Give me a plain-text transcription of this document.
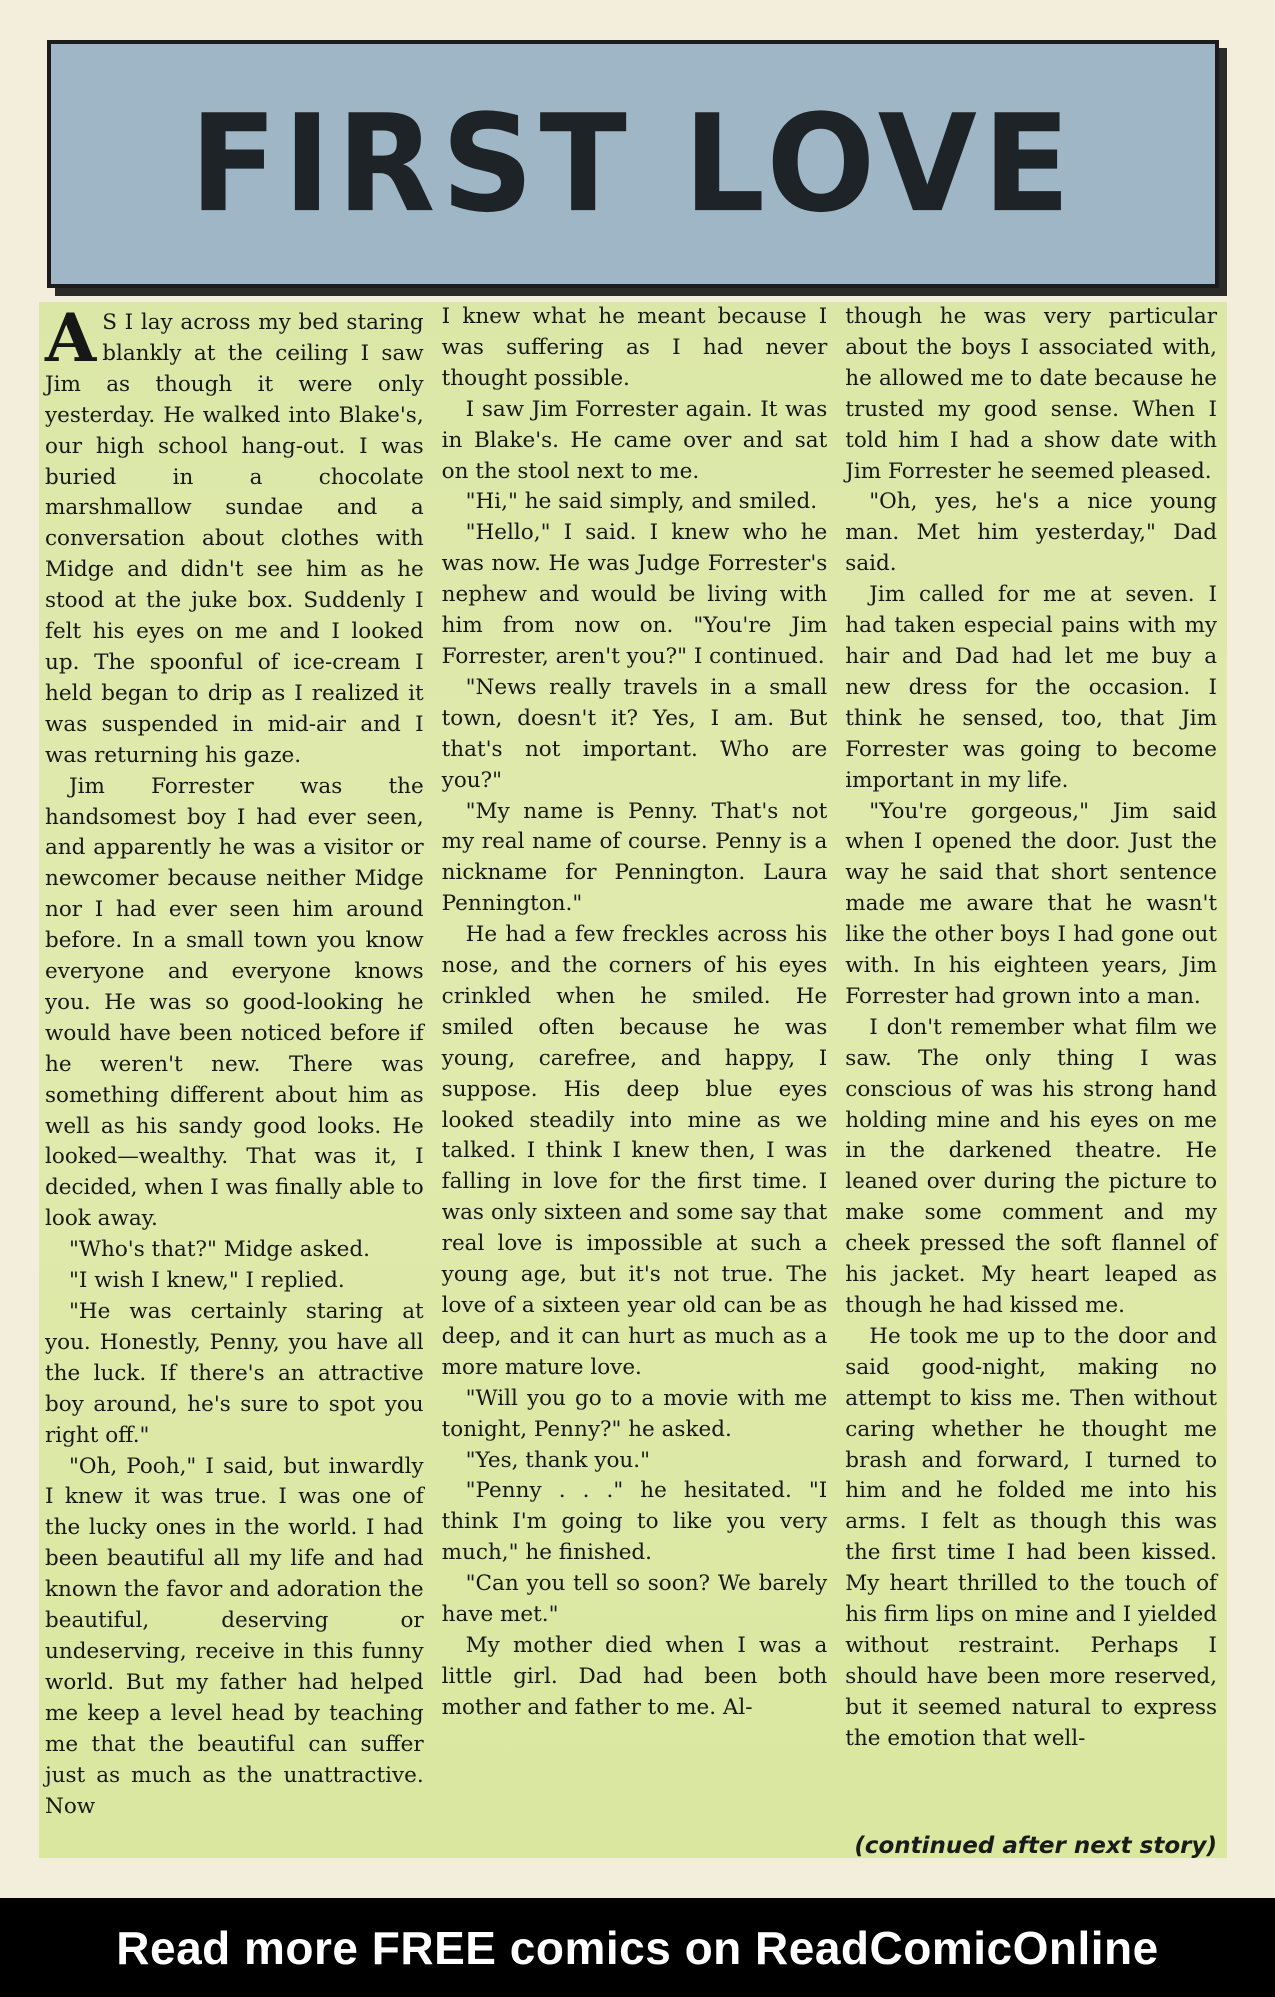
FIRST LOVE

A S I lay across my bed staring blankly at the ceiling I saw Jim as though it were only yesterday. He walked into Blake's, our high school hang-out. I was buried in a chocolate marshmallow sundae and a conversation about clothes with Midge and didn't see him as he stood at the juke box. Suddenly I felt his eyes on me and I looked up. The spoonful of ice-cream I held began to drip as I realized it was suspended in mid-air and I was returning his gaze.

Jim Forrester was the handsomest boy I had ever seen, and apparently he was a visitor or newcomer because neither Midge nor I had ever seen him around before. In a small town you know everyone and everyone knows you. He was so good-looking he would have been noticed before if he weren't new. There was something different about him as well as his sandy good looks. He looked—wealthy. That was it, I decided, when I was finally able to look away.

"Who's that?" Midge asked.

"I wish I knew," I replied.

"He was certainly staring at you. Honestly, Penny, you have all the luck. If there's an attractive boy around, he's sure to spot you right off."

"Oh, Pooh," I said, but inwardly I knew it was true. I was one of the lucky ones in the world. I had been beautiful all my life and had known the favor and adoration the beautiful, deserving or undeserving, receive in this funny world. But my father had helped me keep a level head by teaching me that the beautiful can suffer just as much as the unattractive. Now

I knew what he meant because I was suffering as I had never thought possible.

I saw Jim Forrester again. It was in Blake's. He came over and sat on the stool next to me.

"Hi," he said simply, and smiled.

"Hello," I said. I knew who he was now. He was Judge Forrester's nephew and would be living with him from now on. "You're Jim Forrester, aren't you?" I continued.

"News really travels in a small town, doesn't it? Yes, I am. But that's not important. Who are you?"

"My name is Penny. That's not my real name of course. Penny is a nickname for Pennington. Laura Pennington."

He had a few freckles across his nose, and the corners of his eyes crinkled when he smiled. He smiled often because he was young, carefree, and happy, I suppose. His deep blue eyes looked steadily into mine as we talked. I think I knew then, I was falling in love for the first time. I was only sixteen and some say that real love is impossible at such a young age, but it's not true. The love of a sixteen year old can be as deep, and it can hurt as much as a more mature love.

"Will you go to a movie with me tonight, Penny?" he asked.

"Yes, thank you."

"Penny . . ." he hesitated. "I think I'm going to like you very much," he finished.

"Can you tell so soon? We barely have met."

My mother died when I was a little girl. Dad had been both mother and father to me. Al-

though he was very particular about the boys I associated with, he allowed me to date because he trusted my good sense. When I told him I had a show date with Jim Forrester he seemed pleased.

"Oh, yes, he's a nice young man. Met him yesterday," Dad said.

Jim called for me at seven. I had taken especial pains with my hair and Dad had let me buy a new dress for the occasion. I think he sensed, too, that Jim Forrester was going to become important in my life.

"You're gorgeous," Jim said when I opened the door. Just the way he said that short sentence made me aware that he wasn't like the other boys I had gone out with. In his eighteen years, Jim Forrester had grown into a man.

I don't remember what film we saw. The only thing I was conscious of was his strong hand holding mine and his eyes on me in the darkened theatre. He leaned over during the picture to make some comment and my cheek pressed the soft flannel of his jacket. My heart leaped as though he had kissed me.

He took me up to the door and said good-night, making no attempt to kiss me. Then without caring whether he thought me brash and forward, I turned to him and he folded me into his arms. I felt as though this was the first time I had been kissed. My heart thrilled to the touch of his firm lips on mine and I yielded without restraint. Perhaps I should have been more reserved, but it seemed natural to express the emotion that well-

(continued after next story)
Read more FREE comics on ReadComicOnline
